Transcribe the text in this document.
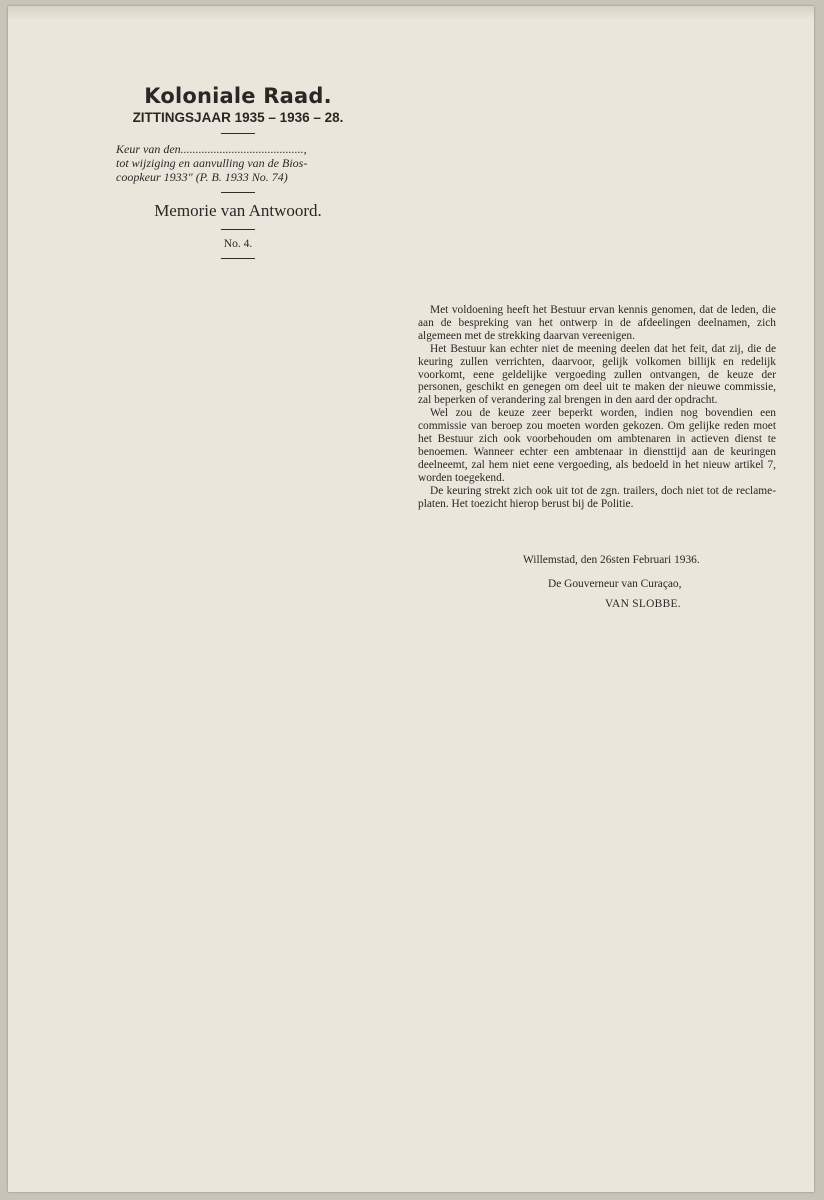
Koloniale Raad.
ZITTINGSJAAR 1935 – 1936 – 28.
Keur van den.........................................,
tot wijziging en aanvulling van de Bios-
coopkeur 1933" (P. B. 1933 No. 74)
Memorie van Antwoord.
No. 4.

Met voldoening heeft het Bestuur ervan kennis genomen, dat de leden, die aan de bespreking van het ontwerp in de afdeelingen deelnamen, zich algemeen met de strekking daarvan vereenigen.

Het Bestuur kan echter niet de meening deelen dat het feit, dat zij, die de keuring zullen verrichten, daarvoor, gelijk volkomen billijk en redelijk voorkomt, eene geldelijke vergoeding zullen ontvangen, de keuze der personen, geschikt en genegen om deel uit te maken der nieuwe commissie, zal beperken of verandering zal brengen in den aard der opdracht.

Wel zou de keuze zeer beperkt worden, indien nog bovendien een commissie van beroep zou moeten worden gekozen. Om gelijke reden moet het Bestuur zich ook voorbehouden om ambtenaren in actieven dienst te benoemen. Wanneer echter een ambtenaar in diensttijd aan de keuringen deelneemt, zal hem niet eene vergoeding, als bedoeld in het nieuw artikel 7, worden toegekend.

De keuring strekt zich ook uit tot de zgn. trailers, doch niet tot de reclame-platen. Het toezicht hierop berust bij de Politie.

Willemstad, den 26sten Februari 1936.
De Gouverneur van Curaçao,
VAN SLOBBE.
